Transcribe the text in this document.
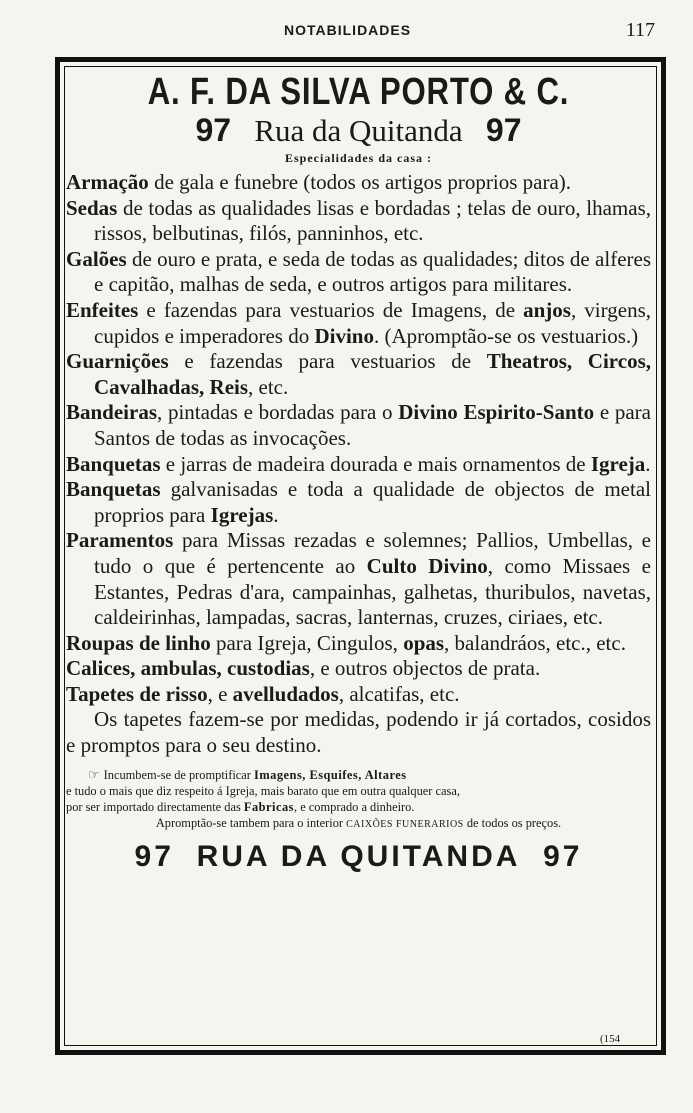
NOTABILIDADES	117
A. F. DA SILVA PORTO & C.
97 Rua da Quitanda 97
Especialidades da casa :
Armação de gala e funebre (todos os artigos proprios para).
Sedas de todas as qualidades lisas e bordadas ; telas de ouro, lhamas, rissos, belbutinas, filós, panninhos, etc.
Galões de ouro e prata, e seda de todas as qualidades; ditos de alferes e capitão, malhas de seda, e outros artigos para militares.
Enfeites e fazendas para vestuarios de Imagens, de anjos, virgens, cupidos e imperadores do Divino. (Apromptão-se os vestuarios.)
Guarnições e fazendas para vestuarios de Theatros, Circos, Cavalhadas, Reis, etc.
Bandeiras, pintadas e bordadas para o Divino Espirito-Santo e para Santos de todas as invocações.
Banquetas e jarras de madeira dourada e mais ornamentos de Igreja.
Banquetas galvanisadas e toda a qualidade de objectos de metal proprios para Igrejas.
Paramentos para Missas rezadas e solemnes; Pallios, Umbellas, e tudo o que é pertencente ao Culto Divino, como Missaes e Estantes, Pedras d'ara, campainhas, galhetas, thuribulos, navetas, caldeirinhas, lampadas, sacras, lanternas, cruzes, ciriaes, etc.
Roupas de linho para Igreja, Cingulos, opas, balandráos, etc., etc.
Calices, ambulas, custodias, e outros objectos de prata.
Tapetes de risso, e avelludados, alcatifas, etc.
Os tapetes fazem-se por medidas, podendo ir já cortados, cosidos e promptos para o seu destino.
☞ Incumbem-se de promptificar Imagens, Esquifes, Altares
e tudo o mais que diz respeito á Igreja, mais barato que em outra qualquer casa,
por ser importado directamente das Fabricas, e comprado a dinheiro.
Apromptão-se tambem para o interior CAIXÕES FUNERARIOS de todos os preços.
97 RUA DA QUITANDA 97
(154
